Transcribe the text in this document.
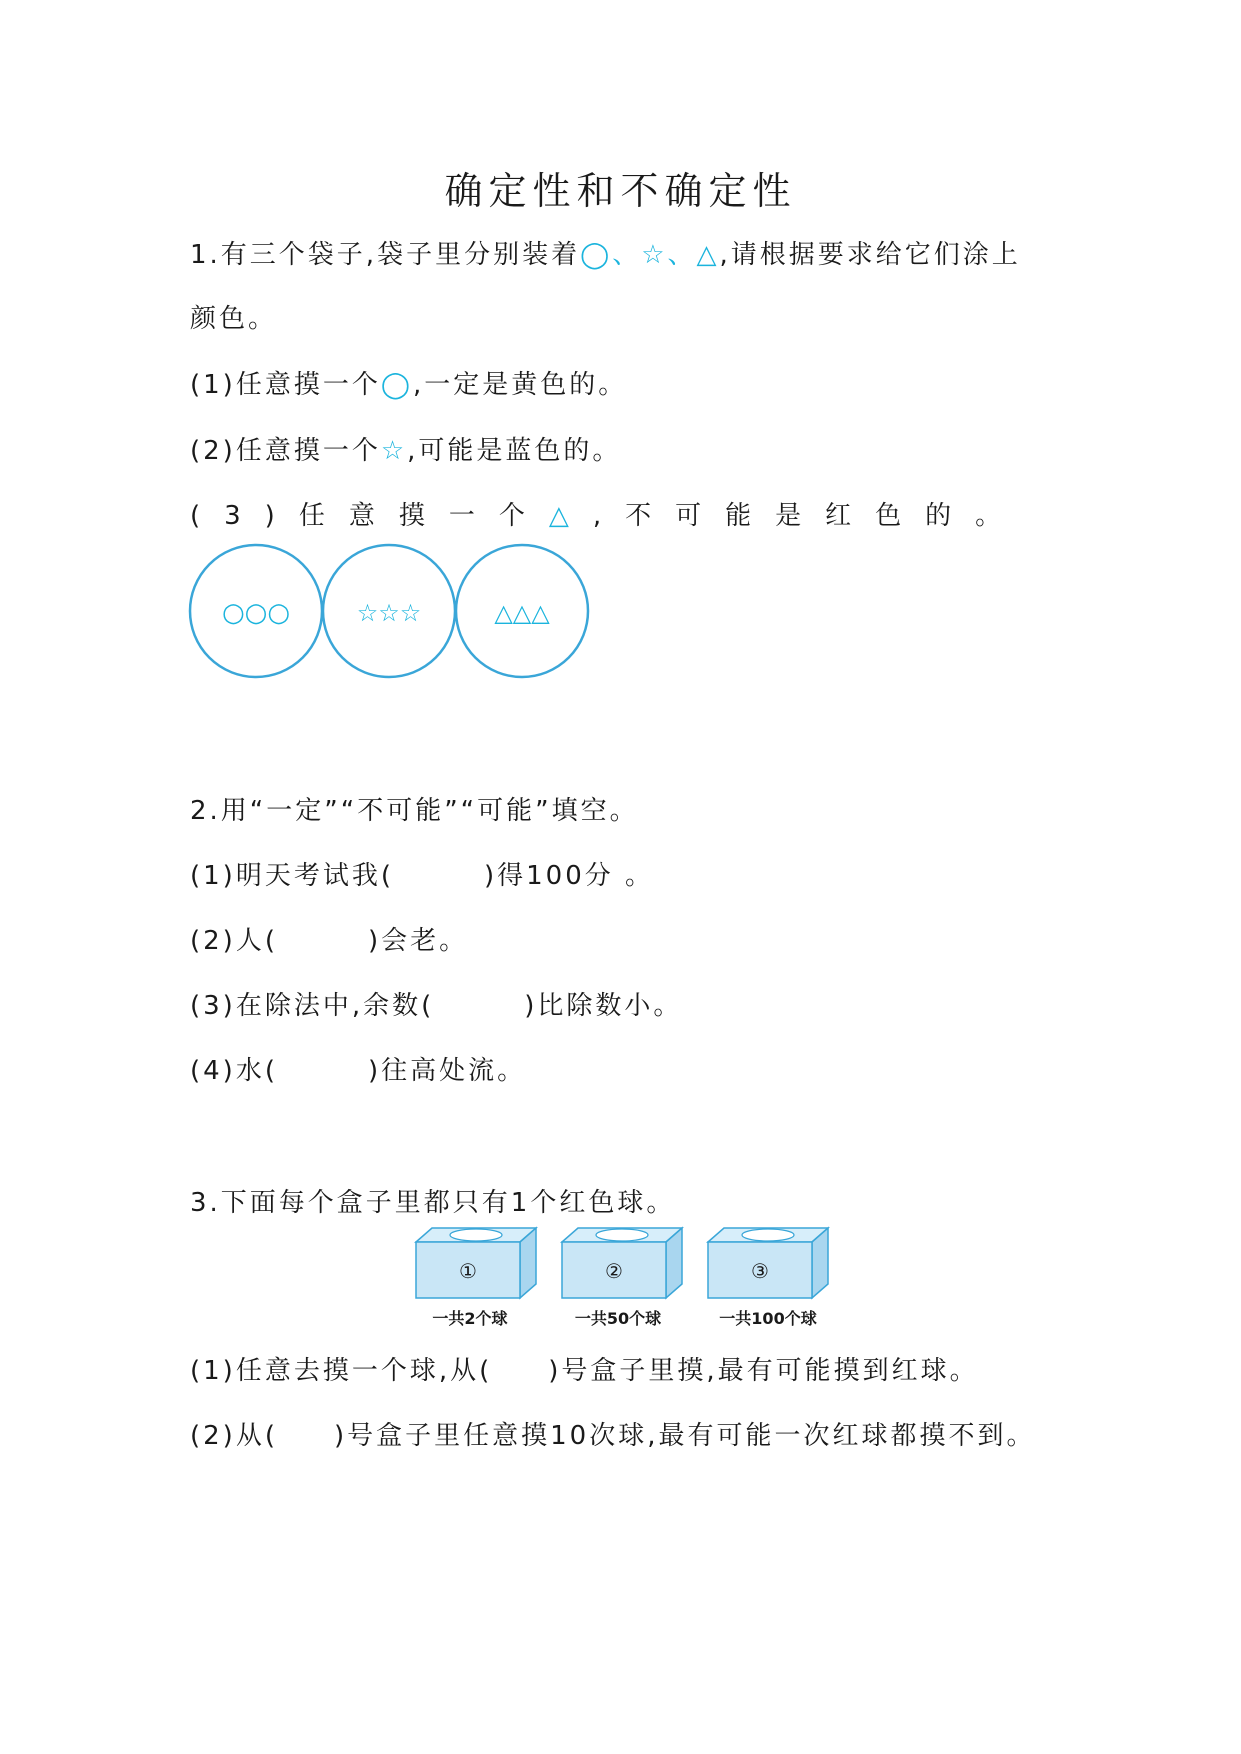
确定性和不确定性
1.有三个袋子,袋子里分别装着◯、☆、△,请根据要求给它们涂上
颜色。
(1)任意摸一个◯,一定是黄色的。
(2)任意摸一个☆,可能是蓝色的。
(3)任意摸一个△,不可能是红色的。
○○○	☆☆☆	△△△
2.用“一定”“不可能”“可能”填空。
(1)明天考试我(	)得100分 。
(2)人(	)会老。
(3)在除法中,余数(	)比除数小。
(4)水(	)往高处流。
3.下面每个盒子里都只有1个红色球。
①	②	③
一共2个球	一共50个球	一共100个球
(1)任意去摸一个球,从( )号盒子里摸,最有可能摸到红球。
(2)从( )号盒子里任意摸10次球,最有可能一次红球都摸不到。
